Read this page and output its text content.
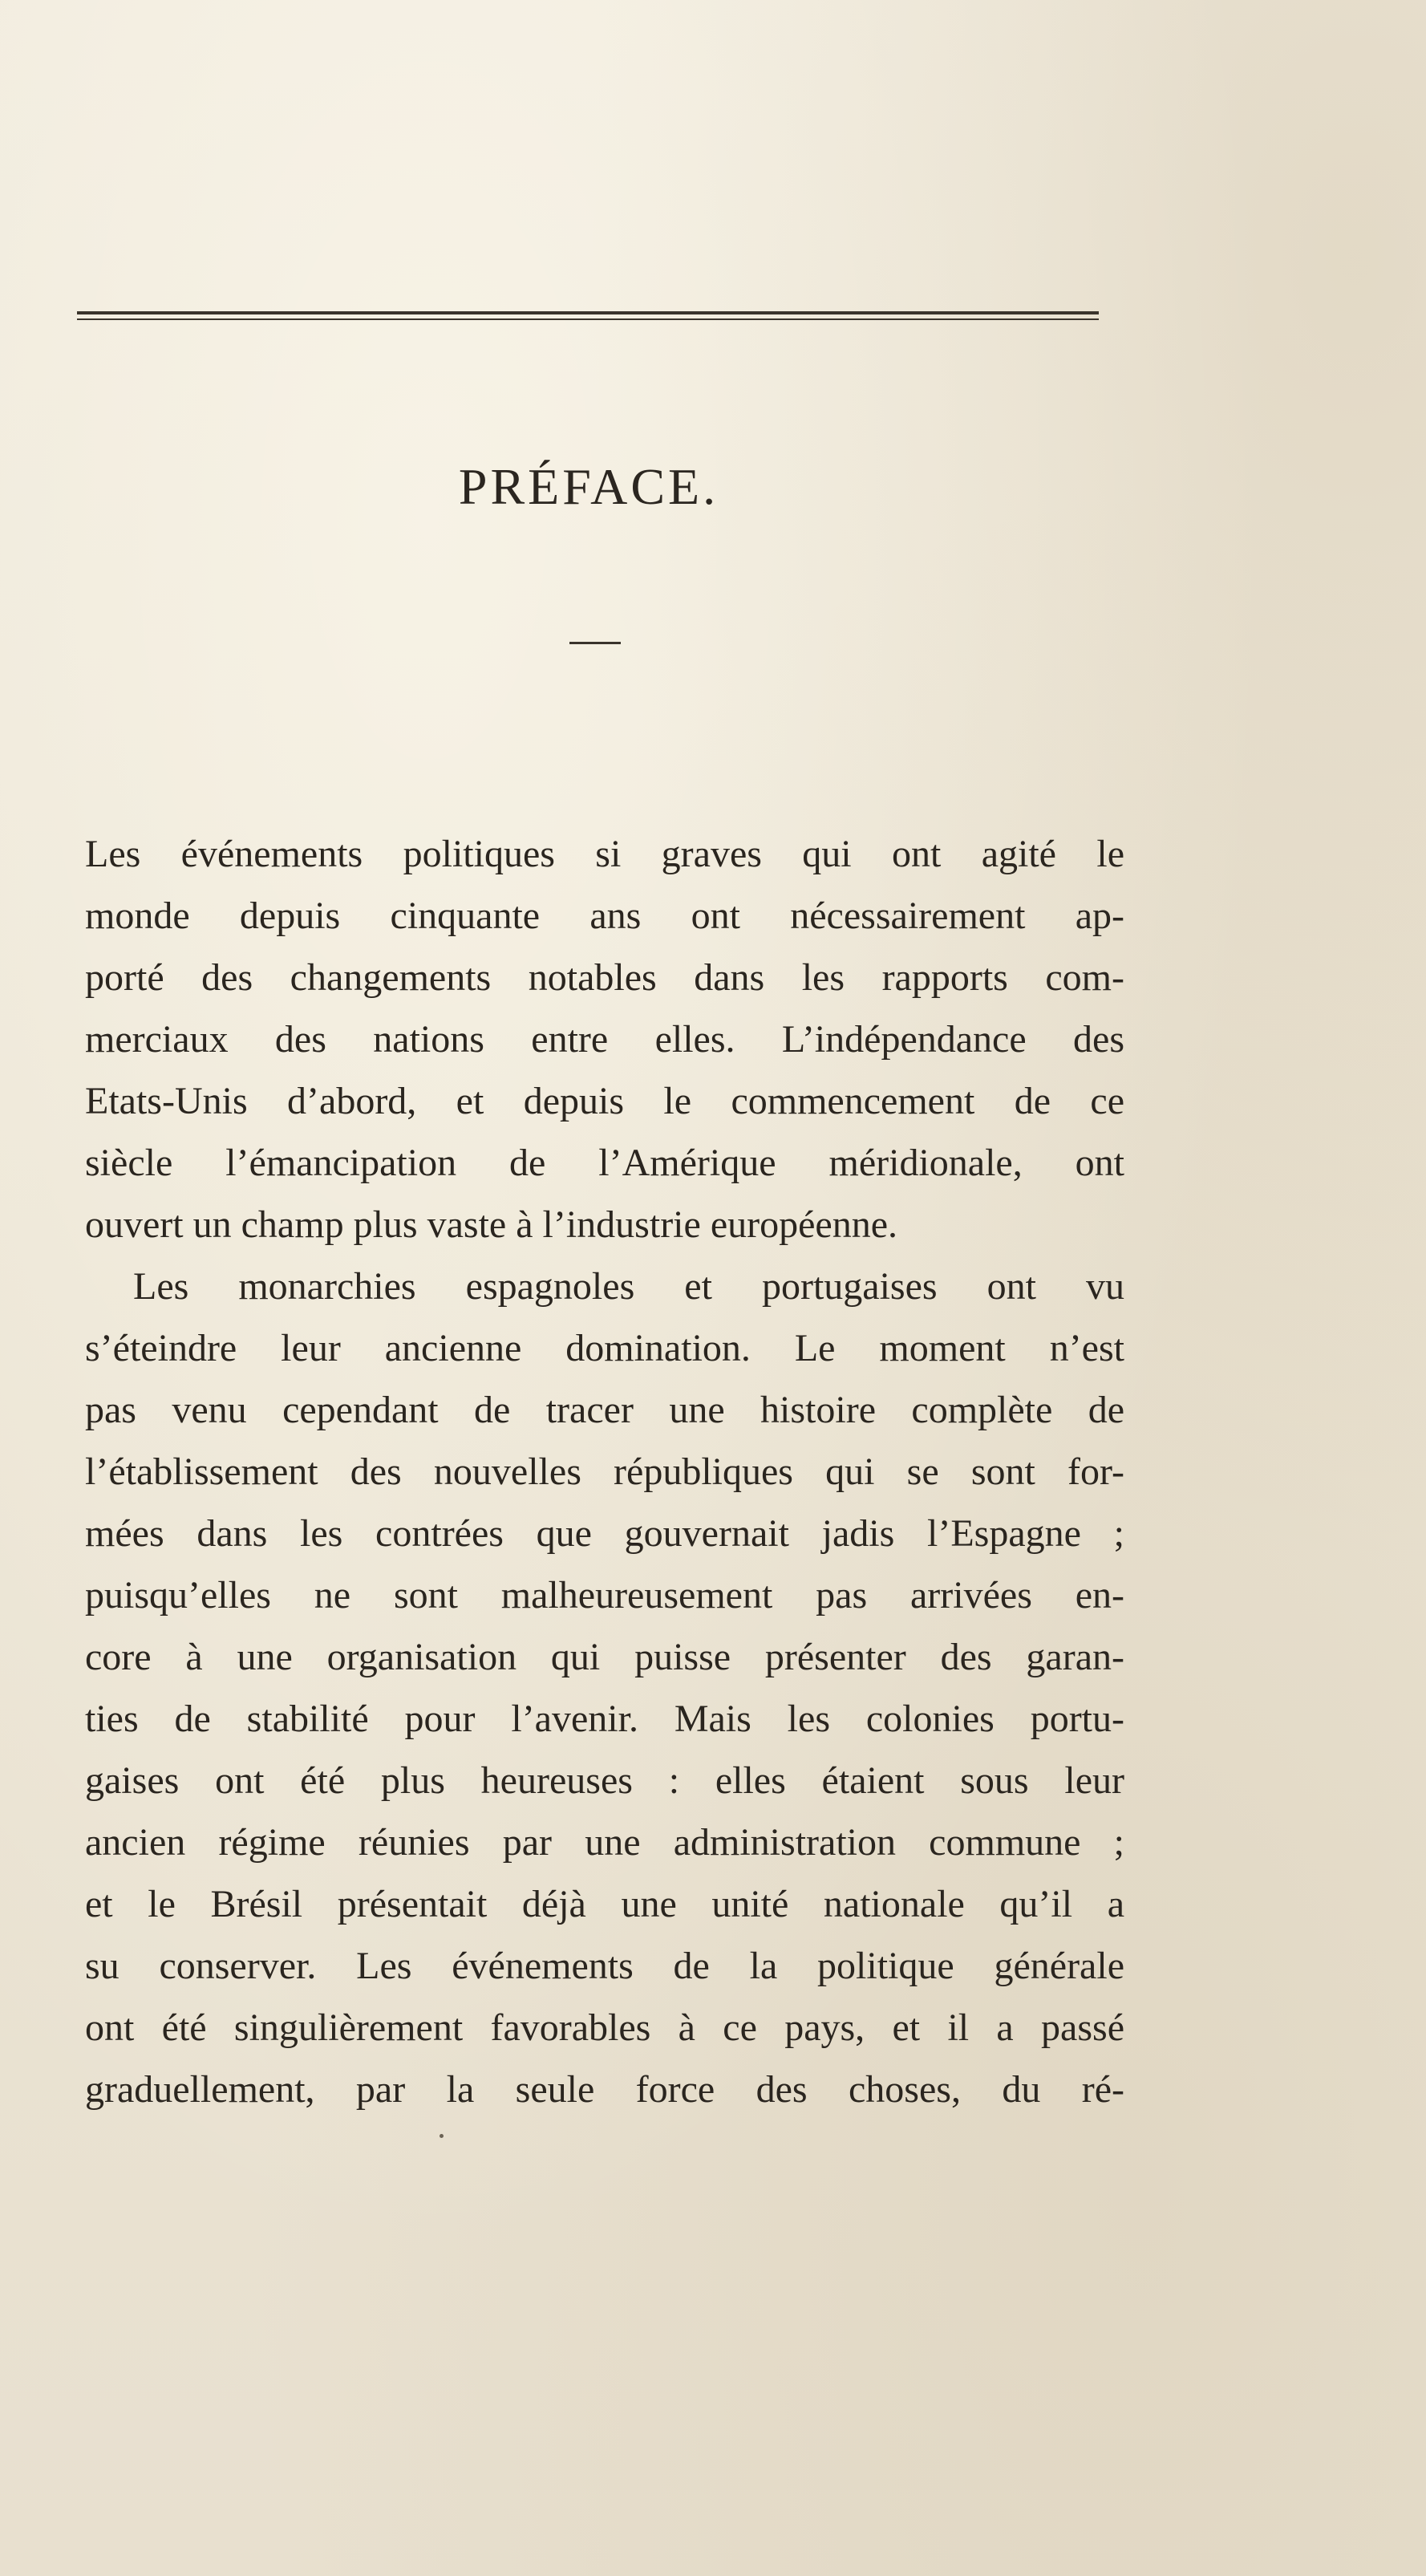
PRÉFACE.
Les événements politiques si graves qui ont agité le
monde depuis cinquante ans ont nécessairement ap-
porté des changements notables dans les rapports com-
merciaux des nations entre elles. L’indépendance des
Etats-Unis d’abord, et depuis le commencement de ce
siècle l’émancipation de l’Amérique méridionale, ont
ouvert un champ plus vaste à l’industrie européenne.
Les monarchies espagnoles et portugaises ont vu
s’éteindre leur ancienne domination. Le moment n’est
pas venu cependant de tracer une histoire complète de
l’établissement des nouvelles républiques qui se sont for-
mées dans les contrées que gouvernait jadis l’Espagne ;
puisqu’elles ne sont malheureusement pas arrivées en-
core à une organisation qui puisse présenter des garan-
ties de stabilité pour l’avenir. Mais les colonies portu-
gaises ont été plus heureuses : elles étaient sous leur
ancien régime réunies par une administration commune ;
et le Brésil présentait déjà une unité nationale qu’il a
su conserver. Les événements de la politique générale
ont été singulièrement favorables à ce pays, et il a passé
graduellement, par la seule force des choses, du ré-
